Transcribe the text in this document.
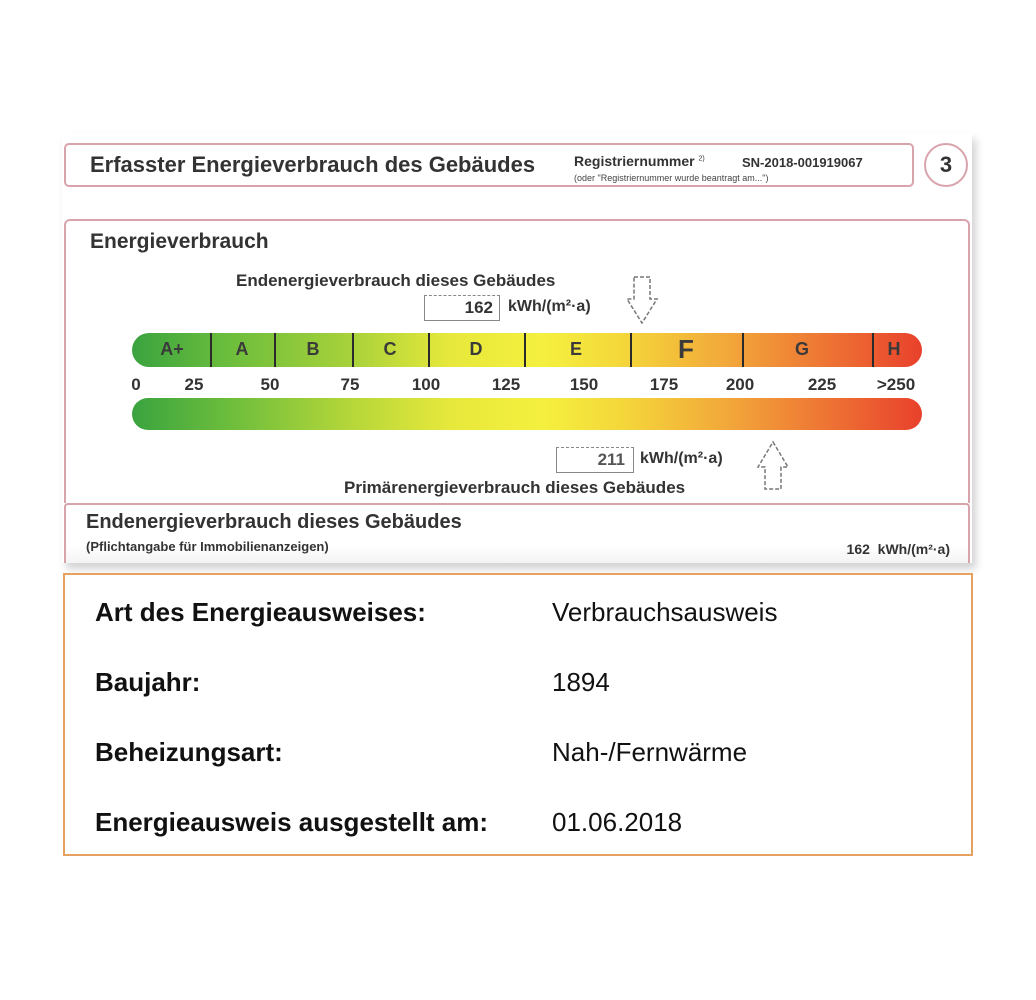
Erfasster Energieverbrauch des Gebäudes	Registriernummer $^{2)}$	SN-2018-001919067
(oder "Registriernummer wurde beantragt am...")
3
Energieverbrauch
Endenergieverbrauch dieses Gebäudes
162 kWh/(m²·a)
A+	A	B	C	D	E	F	G	H
0	25	50	75	100	125	150	175	200	225 >250
211 kWh/(m²·a)
Primärenergieverbrauch dieses Gebäudes
Endenergieverbrauch dieses Gebäudes
(Pflichtangabe für Immobilienanzeigen)	162 kWh/(m²·a)
Art des Energieausweises:	Verbrauchsausweis
Baujahr:	1894
Beheizungsart:	Nah-/Fernwärme
Energieausweis ausgestellt am: 01.06.2018
